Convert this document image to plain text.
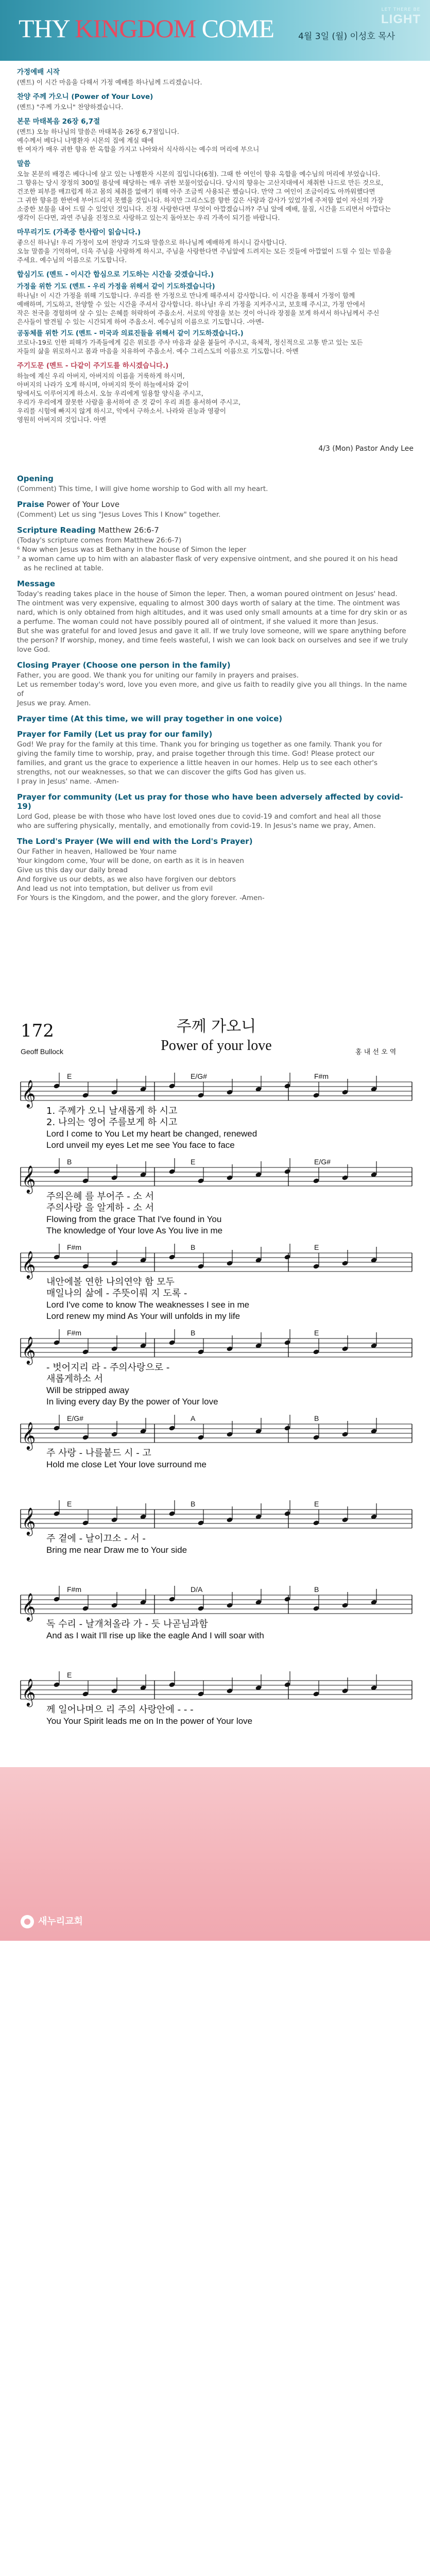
THY KINGDOM COME	4월 3일 (월) 이성호 목사
LET THERE BE
LIGHT
가정예배 시작
(멘트) 이 시간 마음을 다해서 가정 예배를 하나님께 드리겠습니다.
찬양 주께 가오니 (Power of Your Love)
(멘트) "주께 가오니" 찬양하겠습니다.
본문 마태복음 26장 6,7절
(멘트) 오늘 하나님의 말씀은 마태복음 26장 6,7절입니다.
예수께서 베다니 나병환자 시몬의 집에 계실 때에
한 여자가 매우 귀한 향유 한 옥합을 가지고 나아와서 식사하시는 예수의 머리에 부으니
말씀
오늘 본문의 배경은 베다니에 살고 있는 나병환자 시몬의 집입니다(6절). 그때 한 여인이 향유 옥합을 예수님의 머리에 부었습니다.
그 향유는 당시 장정의 300일 품삯에 해당하는 매우 귀한 보물이었습니다. 당시의 향유는 고산지대에서 채취한 나드로 만든 것으로,
건조한 피부를 매끄럽게 하고 몸의 체취를 없애기 위해 아주 조금씩 사용되곤 했습니다. 만약 그 여인이 조금이라도 아까워했다면
그 귀한 향유를 한번에 부어드리지 못했을 것입니다. 하지만 그리스도를 향한 깊은 사랑과 감사가 있었기에 주저함 없이 자신의 가장
소중한 보물을 내어 드릴 수 있었던 것입니다. 진정 사랑한다면 무엇이 아깝겠습니까? 주님 앞에 예배, 물질, 시간을 드리면서 아깝다는
생각이 든다면, 과연 주님을 진정으로 사랑하고 있는지 돌아보는 우리 가족이 되기를 바랍니다.
마무리기도 (가족중 한사람이 읽습니다.)
좋으신 하나님! 우리 가정이 모여 찬양과 기도와 말씀으로 하나님께 예배하게 하시니 감사합니다.
오늘 말씀을 기억하여, 더욱 주님을 사랑하게 하시고, 주님을 사랑한다면 주님앞에 드려지는 모든 것들에 아깝없이 드릴 수 있는 믿음을
주세요. 예수님의 이름으로 기도합니다.
합심기도 (멘트 - 이시간 합심으로 기도하는 시간을 갖겠습니다.)
가정을 위한 기도 (멘트 - 우리 가정을 위해서 같이 기도하겠습니다)
하나님! 이 시간 가정을 위해 기도합니다. 우리를 한 가정으로 만나게 해주셔서 감사합니다. 이 시간을 통해서 가정이 함께
예배하며, 기도하고, 찬양할 수 있는 시간을 주셔서 감사합니다. 하나님! 우리 가정을 지켜주시고, 보호해 주시고, 가정 안에서
작은 천국을 경험하며 살 수 있는 은혜를 허락하여 주옵소서. 서로의 약점을 보는 것이 아니라 장점을 보게 하셔서 하나님께서 주신
은사들이 발견될 수 있는 시간되게 하여 주옵소서. 예수님의 이름으로 기도합니다. -아멘-
공동체를 위한 기도 (멘트 - 미국과 의료진들을 위해서 같이 기도하겠습니다.)
코로나-19로 인한 피해가 가족들에게 깊은 위로를 주사 마음과 삶을 붙들어 주시고, 육체적, 정신적으로 고통 받고 있는 모든
자들의 삶을 위로하시고 몸과 마음을 치유하여 주옵소서. 예수 그리스도의 이름으로 기도합니다. 아멘
주기도문 (멘트 - 다같이 주기도를 하시겠습니다.)
하늘에 계신 우리 아버지, 아버지의 이름을 거룩하게 하시며,
아버지의 나라가 오게 하시며, 아버지의 뜻이 하늘에서와 같이
땅에서도 이루어지게 하소서. 오늘 우리에게 일용할 양식을 주시고,
우리가 우리에게 잘못한 사람을 용서하여 준 것 같이 우리 죄를 용서하여 주시고,
우리를 시험에 빠지지 않게 하시고, 악에서 구하소서. 나라와 권능과 영광이
영원히 아버지의 것입니다. 아멘
4/3 (Mon) Pastor Andy Lee
Opening
(Comment) This time, I will give home worship to God with all my heart.
Praise Power of Your Love
(Comment) Let us sing "Jesus Loves This I Know" together.
Scripture Reading Matthew 26:6-7
(Today's scripture comes from Matthew 26:6-7)
⁶ Now when Jesus was at Bethany in the house of Simon the leper
⁷ a woman came up to him with an alabaster flask of very expensive ointment, and she poured it on his head
as he reclined at table.
Message
Today's reading takes place in the house of Simon the leper. Then, a woman poured ointment on Jesus' head.
The ointment was very expensive, equaling to almost 300 days worth of salary at the time. The ointment was
nard, which is only obtained from high altitudes, and it was used only small amounts at a time for dry skin or as
a perfume. The woman could not have possibly poured all of ointment, if she valued it more than Jesus.
But she was grateful for and loved Jesus and gave it all. If we truly love someone, will we spare anything before
the person? If worship, money, and time feels wasteful, I wish we can look back on ourselves and see if we truly
love God.
Closing Prayer (Choose one person in the family)
Father, you are good. We thank you for uniting our family in prayers and praises.
Let us remember today's word, love you even more, and give us faith to readily give you all things. In the name of
Jesus we pray. Amen.
Prayer time (At this time, we will pray together in one voice)
Prayer for Family (Let us pray for our family)
God! We pray for the family at this time. Thank you for bringing us together as one family. Thank you for
giving the family time to worship, pray, and praise together through this time. God! Please protect our
families, and grant us the grace to experience a little heaven in our homes. Help us to see each other's
strengths, not our weaknesses, so that we can discover the gifts God has given us.
I pray in Jesus' name. -Amen-
Prayer for community (Let us pray for those who have been adversely affected by covid-19)
Lord God, please be with those who have lost loved ones due to covid-19 and comfort and heal all those
who are suffering physically, mentally, and emotionally from covid-19. In Jesus's name we pray, Amen.
The Lord's Prayer (We will end with the Lord's Prayer)
Our Father in heaven, Hallowed be Your name
Your kingdom come, Your will be done, on earth as it is in heaven
Give us this day our daily bread
And forgive us our debts, as we also have forgiven our debtors
And lead us not into temptation, but deliver us from evil
For Yours is the Kingdom, and the power, and the glory forever. -Amen-
172	주께 가오니
Power of your love
Geoff Bullock	홍 내 선 오 역
E	E/G#	F#m
𝄞
1. 주께가 오니 날새롭게 하 시고
2. 나의는 영어 주를보게 하 시고
Lord I come to You Let my heart be changed, renewed
Lord unveil my eyes Let me see You face to face
B	E	E/G#
𝄞
주의은혜 를 부어주 - 소 서
주의사랑 을 알게하 - 소 서
Flowing from the grace That I've found in You
The knowledge of Your love As You live in me
F#m	B	E
𝄞
내안에볼 연한 나의연약 함 모두
매일나의 삶에 - 주뜻이뤄 지 도록 -
Lord I've come to know The weaknesses I see in me
Lord renew my mind As Your will unfolds in my life
F#m	B	E
𝄞
- 벗어지리 라 - 주의사랑으로 -
새롭게하소 서
Will be stripped away
In living every day By the power of Your love
E/G#	A	B
𝄞
주 사랑 - 나를붙드 시 - 고
Hold me close Let Your love surround me
E	B	E
𝄞
주 곁에 - 날이끄소 - 서 -
Bring me near Draw me to Your side
F#m	D/A	B
𝄞
독 수리 - 날개쳐올라 가 - 듯 나곧님과함
And as I wait I'll rise up like the eagle And I will soar with
E
𝄞
께 일어나며으 리 주의 사랑안에 - - -
You Your Spirit leads me on In the power of Your love
새누리교회
